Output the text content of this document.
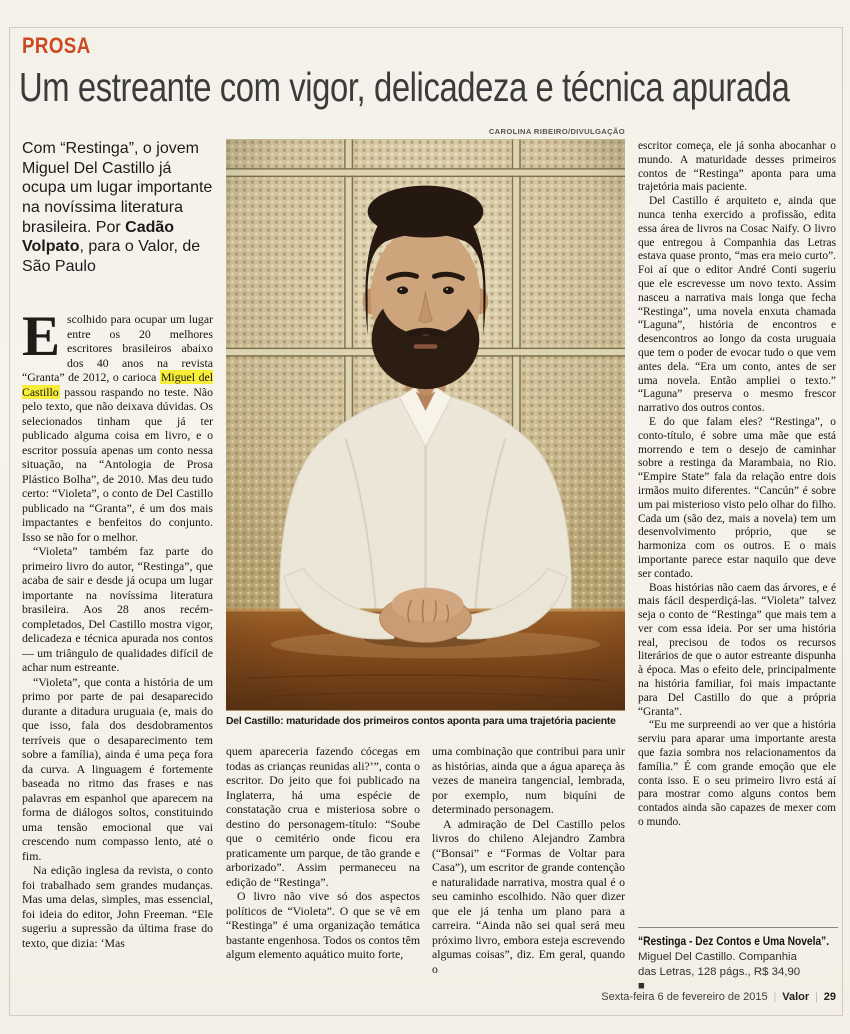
PROSA
Um estreante com vigor, delicadeza e técnica apurada
Com “Restinga”, o jovem Miguel Del Castillo já ocupa um lugar importante na novíssima literatura brasileira. Por Cadão Volpato, para o Valor, de São Paulo
CAROLINA RIBEIRO/DIVULGAÇÃO
Del Castillo: maturidade dos primeiros contos aponta para uma trajetória paciente

Escolhido para ocupar um lugar entre os 20 melhores escritores brasileiros abaixo dos 40 anos na revista “Granta” de 2012, o carioca Miguel del Castillo passou raspando no teste. Não pelo texto, que não deixava dúvidas. Os selecionados tinham que já ter publicado alguma coisa em livro, e o escritor possuía apenas um conto nessa situação, na “Antologia de Prosa Plástico Bolha”, de 2010. Mas deu tudo certo: “Violeta”, o conto de Del Castillo publicado na “Granta”, é um dos mais impactantes e benfeitos do conjunto. Isso se não for o melhor.

“Violeta” também faz parte do primeiro livro do autor, “Restinga”, que acaba de sair e desde já ocupa um lugar importante na novíssima literatura brasileira. Aos 28 anos recém-completados, Del Castillo mostra vigor, delicadeza e técnica apurada nos contos — um triângulo de qualidades difícil de achar num estreante.

“Violeta”, que conta a história de um primo por parte de pai desaparecido durante a ditadura uruguaia (e, mais do que isso, fala dos desdobramentos terríveis que o desaparecimento tem sobre a família), ainda é uma peça fora da curva. A linguagem é fortemente baseada no ritmo das frases e nas palavras em espanhol que aparecem na forma de diálogos soltos, constituindo uma tensão emocional que vai crescendo num compasso lento, até o fim.

Na edição inglesa da revista, o conto foi trabalhado sem grandes mudanças. Mas uma delas, simples, mas essencial, foi ideia do editor, John Freeman. “Ele sugeriu a supressão da última frase do texto, que dizia: ‘Mas

quem apareceria fazendo cócegas em todas as crianças reunidas ali?’”, conta o escritor. Do jeito que foi publicado na Inglaterra, há uma espécie de constatação crua e misteriosa sobre o destino do personagem-título: “Soube que o cemitério onde ficou era praticamente um parque, de tão grande e arborizado”. Assim permaneceu na edição de “Restinga”.

O livro não vive só dos aspectos políticos de “Violeta”. O que se vê em “Restinga” é uma organização temática bastante engenhosa. Todos os contos têm algum elemento aquático muito forte,

uma combinação que contribui para unir as histórias, ainda que a água apareça às vezes de maneira tangencial, lembrada, por exemplo, num biquíni de determinado personagem.

A admiração de Del Castillo pelos livros do chileno Alejandro Zambra (“Bonsai” e “Formas de Voltar para Casa”), um escritor de grande contenção e naturalidade narrativa, mostra qual é o seu caminho escolhido. Não quer dizer que ele já tenha um plano para a carreira. “Ainda não sei qual será meu próximo livro, embora esteja escrevendo algumas coisas”, diz. Em geral, quando o

escritor começa, ele já sonha abocanhar o mundo. A maturidade desses primeiros contos de “Restinga” aponta para uma trajetória mais paciente.

Del Castillo é arquiteto e, ainda que nunca tenha exercido a profissão, edita essa área de livros na Cosac Naify. O livro que entregou à Companhia das Letras estava quase pronto, “mas era meio curto”. Foi aí que o editor André Conti sugeriu que ele escrevesse um novo texto. Assim nasceu a narrativa mais longa que fecha “Restinga”, uma novela enxuta chamada “Laguna”, história de encontros e desencontros ao longo da costa uruguaia que tem o poder de evocar tudo o que vem antes dela. “Era um conto, antes de ser uma novela. Então ampliei o texto.” “Laguna” preserva o mesmo frescor narrativo dos outros contos.

E do que falam eles? “Restinga”, o conto-título, é sobre uma mãe que está morrendo e tem o desejo de caminhar sobre a restinga da Marambaia, no Rio. “Empire State” fala da relação entre dois irmãos muito diferentes. “Cancún” é sobre um pai misterioso visto pelo olhar do filho. Cada um (são dez, mais a novela) tem um desenvolvimento próprio, que se harmoniza com os outros. E o mais importante parece estar naquilo que deve ser contado.

Boas histórias não caem das árvores, e é mais fácil desperdiçá-las. “Violeta” talvez seja o conto de “Restinga” que mais tem a ver com essa ideia. Por ser uma história real, precisou de todos os recursos literários de que o autor estreante dispunha à época. Mas o efeito dele, principalmente na história familiar, foi mais impactante para Del Castillo do que a própria “Granta”.

“Eu me surpreendi ao ver que a história serviu para aparar uma importante aresta que fazia sombra nos relacionamentos da família.” É com grande emoção que ele conta isso. E o seu primeiro livro está aí para mostrar como alguns contos bem contados ainda são capazes de mexer com o mundo.

“Restinga - Dez Contos e Uma Novela”.
Miguel Del Castillo. Companhia das Letras, 128 págs., R$ 34,90 ■
Sexta-feira 6 de fevereiro de 2015 | Valor | 29
